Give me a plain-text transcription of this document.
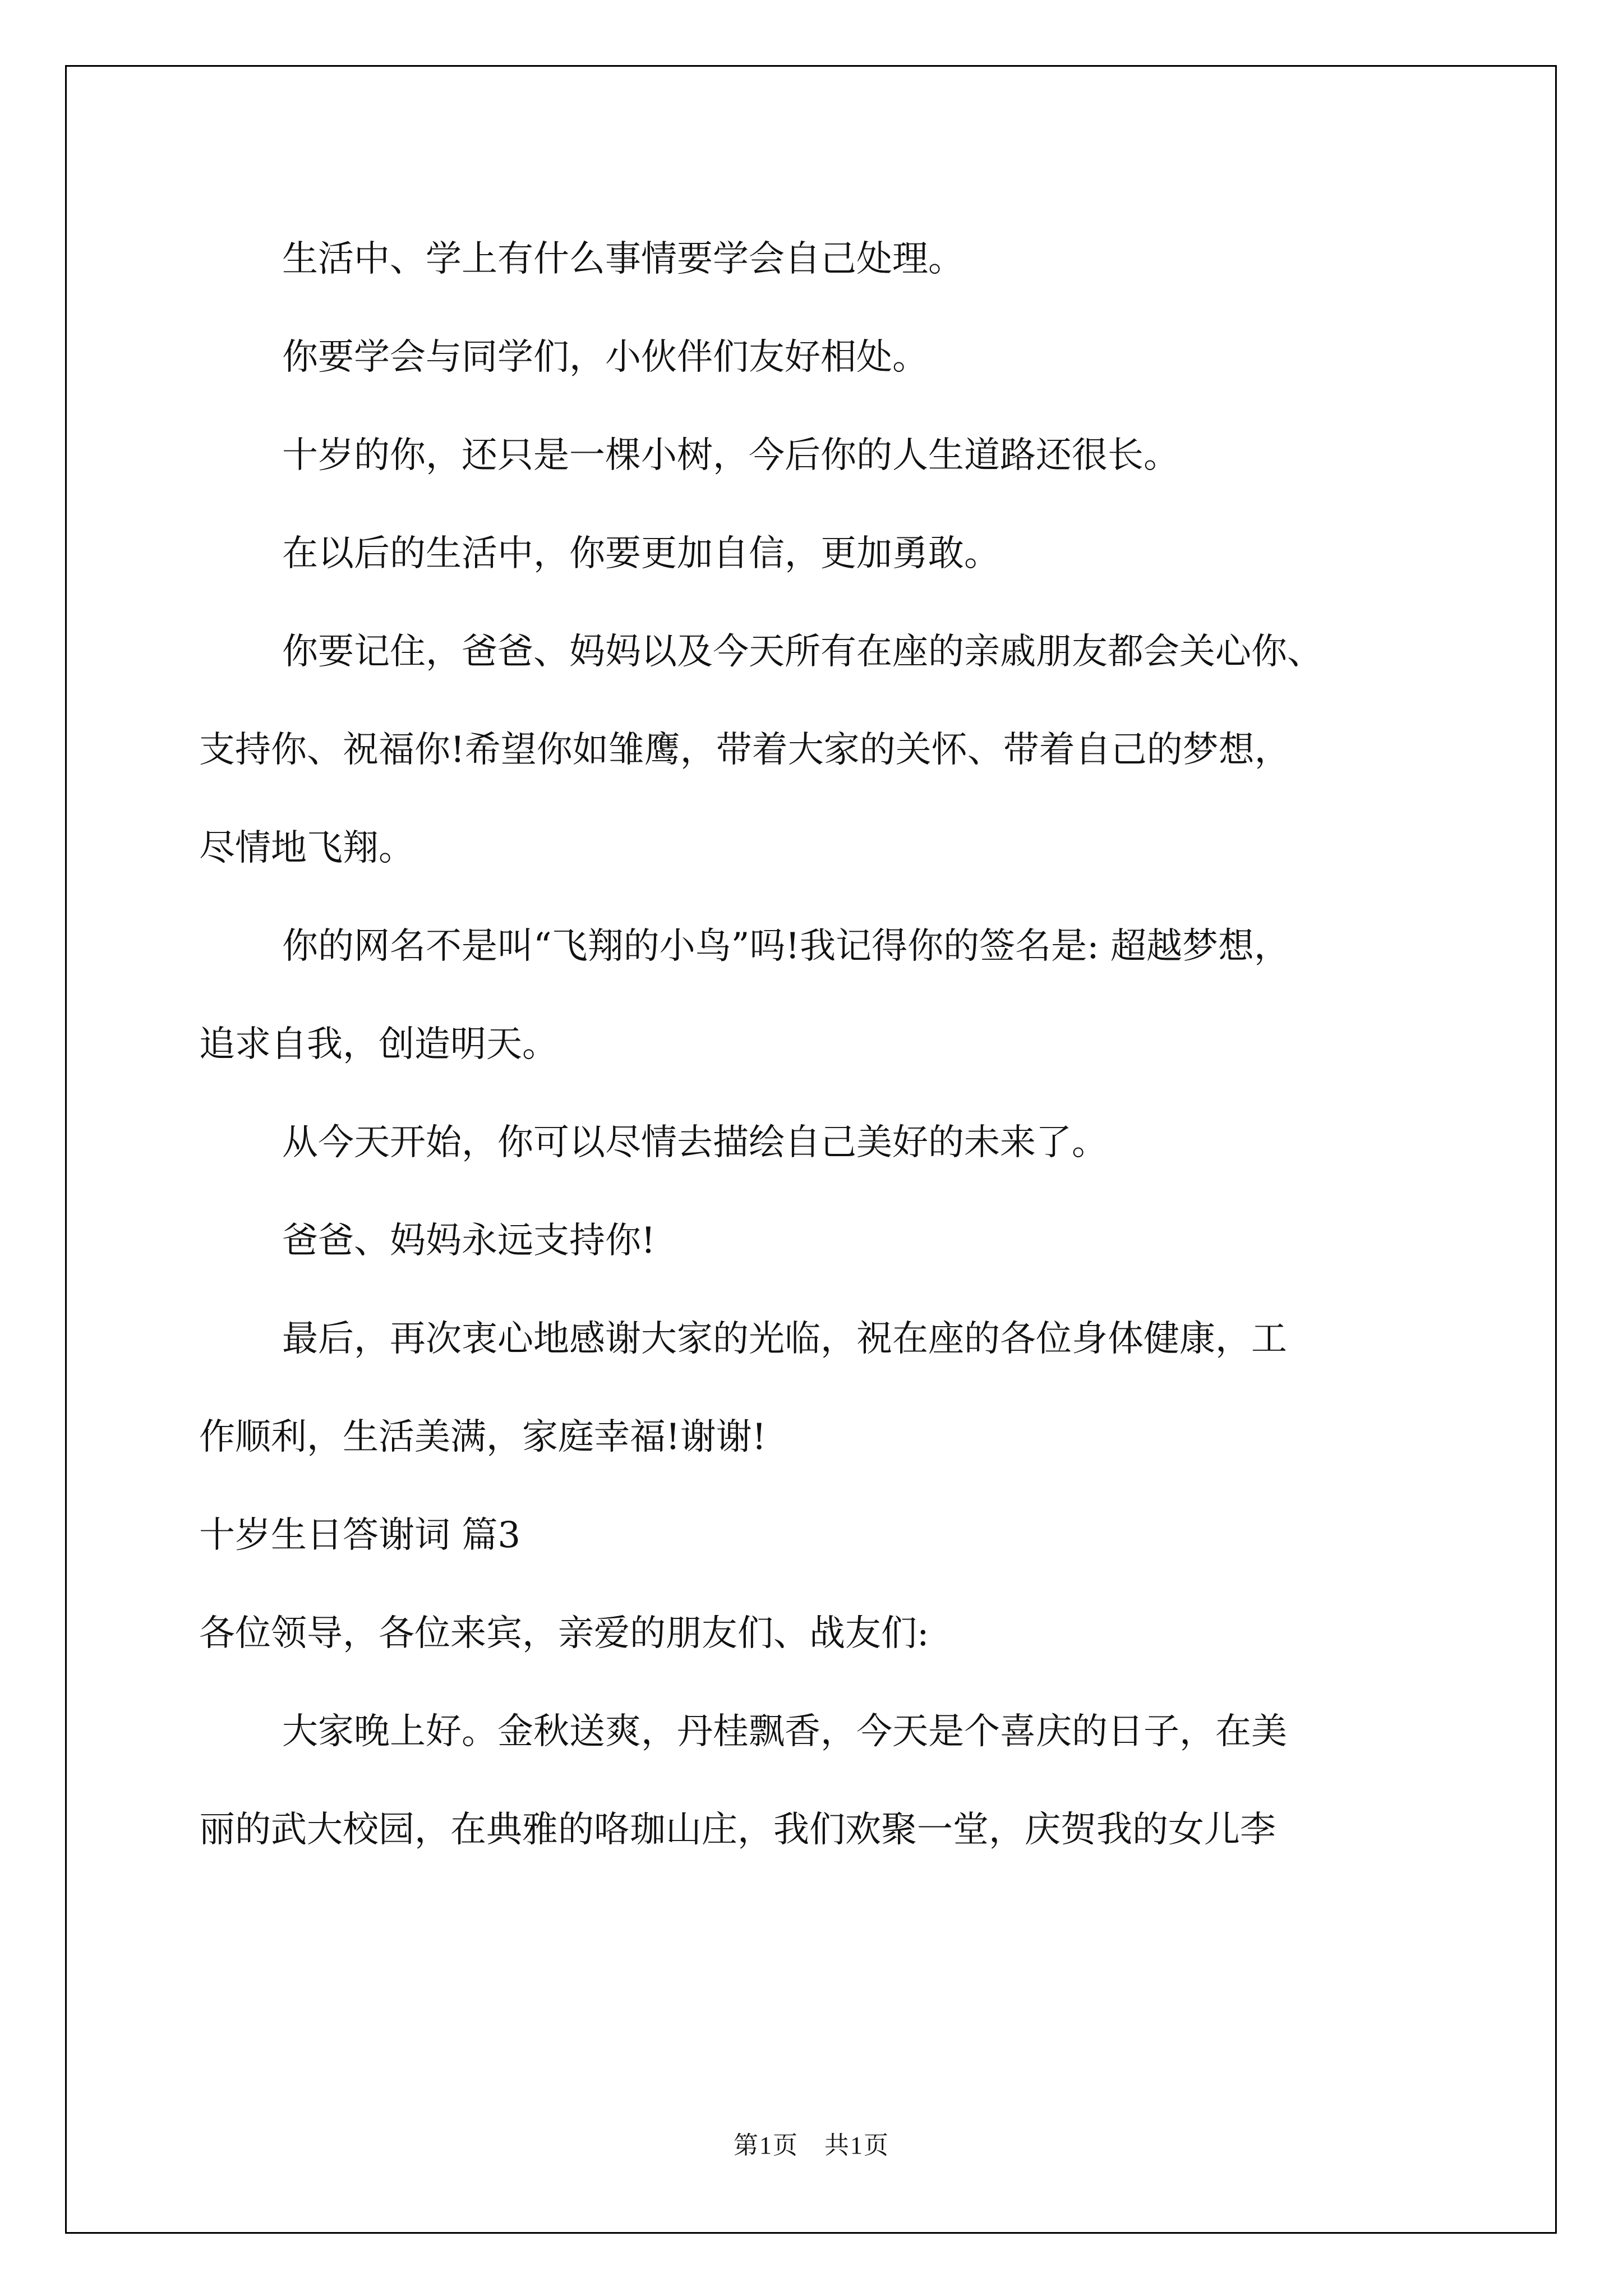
生活中、学上有什么事情要学会自己处理。

你要学会与同学们，小伙伴们友好相处。

十岁的你，还只是一棵小树，今后你的人生道路还很长。

在以后的生活中，你要更加自信，更加勇敢。

你要记住，爸爸、妈妈以及今天所有在座的亲戚朋友都会关心你、

支持你、祝福你!希望你如雏鹰，带着大家的关怀、带着自己的梦想，

尽情地飞翔。

你的网名不是叫“飞翔的小鸟”吗!我记得你的签名是: 超越梦想，

追求自我，创造明天。

从今天开始，你可以尽情去描绘自己美好的未来了。

爸爸、妈妈永远支持你!

最后，再次衷心地感谢大家的光临，祝在座的各位身体健康，工

作顺利，生活美满，家庭幸福!谢谢!

十岁生日答谢词 篇3

各位领导，各位来宾，亲爱的朋友们、战友们:

大家晚上好。金秋送爽，丹桂飘香，今天是个喜庆的日子，在美

丽的武大校园，在典雅的咯珈山庄，我们欢聚一堂，庆贺我的女儿李

第1页　共1页
